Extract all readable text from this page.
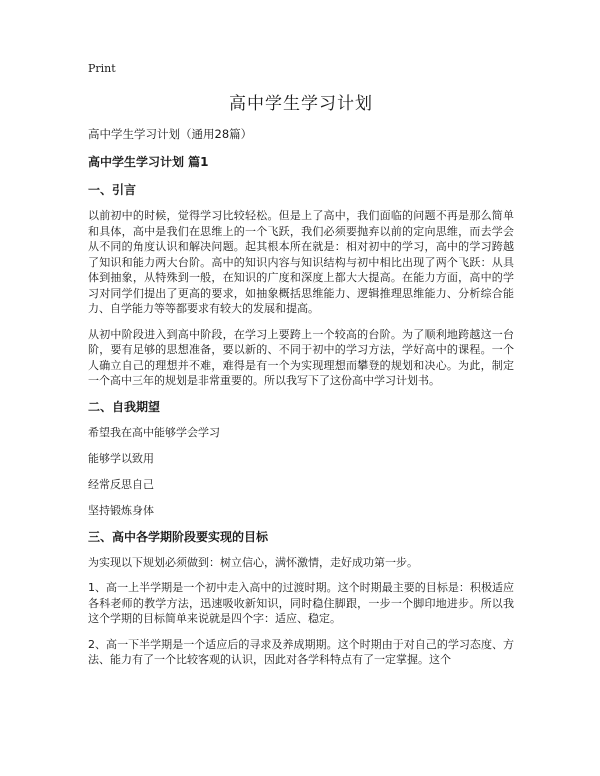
Print
高中学生学习计划
高中学生学习计划（通用28篇）
高中学生学习计划 篇1
一、引言

以前初中的时候，觉得学习比较轻松。但是上了高中，我们面临的问题不再是那么简单和具体，高中是我们在思维上的一个飞跃，我们必须要抛弃以前的定向思维，而去学会从不同的角度认识和解决问题。起其根本所在就是：相对初中的学习，高中的学习跨越了知识和能力两大台阶。高中的知识内容与知识结构与初中相比出现了两个飞跃：从具体到抽象，从特殊到一般，在知识的广度和深度上都大大提高。在能力方面，高中的学习对同学们提出了更高的要求，如抽象概括思维能力、逻辑推理思维能力、分析综合能力、自学能力等等都要求有较大的发展和提高。

从初中阶段进入到高中阶段，在学习上要跨上一个较高的台阶。为了顺利地跨越这一台阶，要有足够的思想准备，要以新的、不同于初中的学习方法，学好高中的课程。一个人确立自己的理想并不难，难得是有一个为实现理想而攀登的规划和决心。为此，制定一个高中三年的规划是非常重要的。所以我写下了这份高中学习计划书。

二、自我期望
希望我在高中能够学会学习
能够学以致用
经常反思自己
坚持锻炼身体
三、高中各学期阶段要实现的目标

为实现以下规划必须做到：树立信心，满怀激情，走好成功第一步。

1、高一上半学期是一个初中走入高中的过渡时期。这个时期最主要的目标是：积极适应各科老师的教学方法，迅速吸收新知识，同时稳住脚跟，一步一个脚印地进步。所以我这个学期的目标简单来说就是四个字：适应、稳定。

2、高一下半学期是一个适应后的寻求及养成期期。这个时期由于对自己的学习态度、方法、能力有了一个比较客观的认识，因此对各学科特点有了一定掌握。这个
